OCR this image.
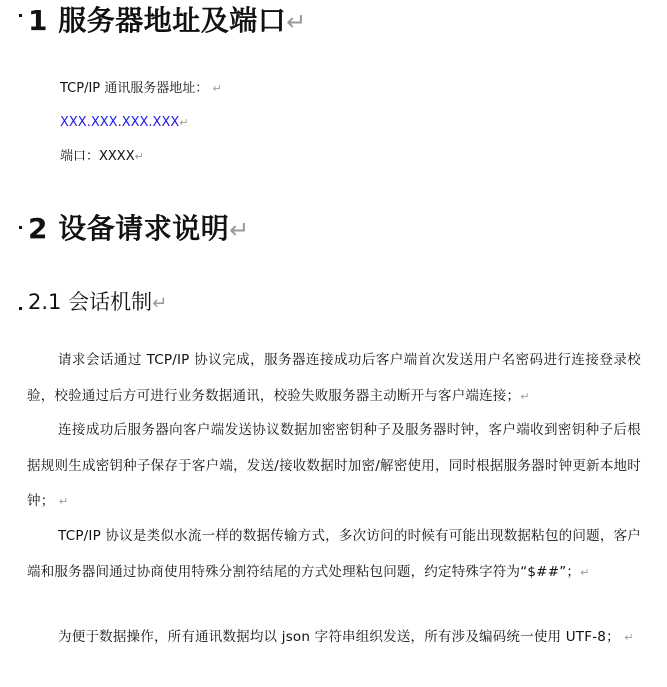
1 服务器地址及端口↵
TCP/IP 通讯服务器地址： ↵
XXX.XXX.XXX.XXX↵
端口：XXXX↵
2 设备请求说明↵
2.1 会话机制↵

请求会话通过 TCP/IP 协议完成，服务器连接成功后客户端首次发送用户名密码进行连接登录校验，校验通过后方可进行业务数据通讯，校验失败服务器主动断开与客户端连接；↵

连接成功后服务器向客户端发送协议数据加密密钥种子及服务器时钟，客户端收到密钥种子后根据规则生成密钥种子保存于客户端，发送/接收数据时加密/解密使用，同时根据服务器时钟更新本地时钟； ↵

TCP/IP 协议是类似水流一样的数据传输方式，多次访问的时候有可能出现数据粘包的问题，客户端和服务器间通过协商使用特殊分割符结尾的方式处理粘包问题，约定特殊字符为“$##”；↵

为便于数据操作，所有通讯数据均以 json 字符串组织发送，所有涉及编码统一使用 UTF-8； ↵
